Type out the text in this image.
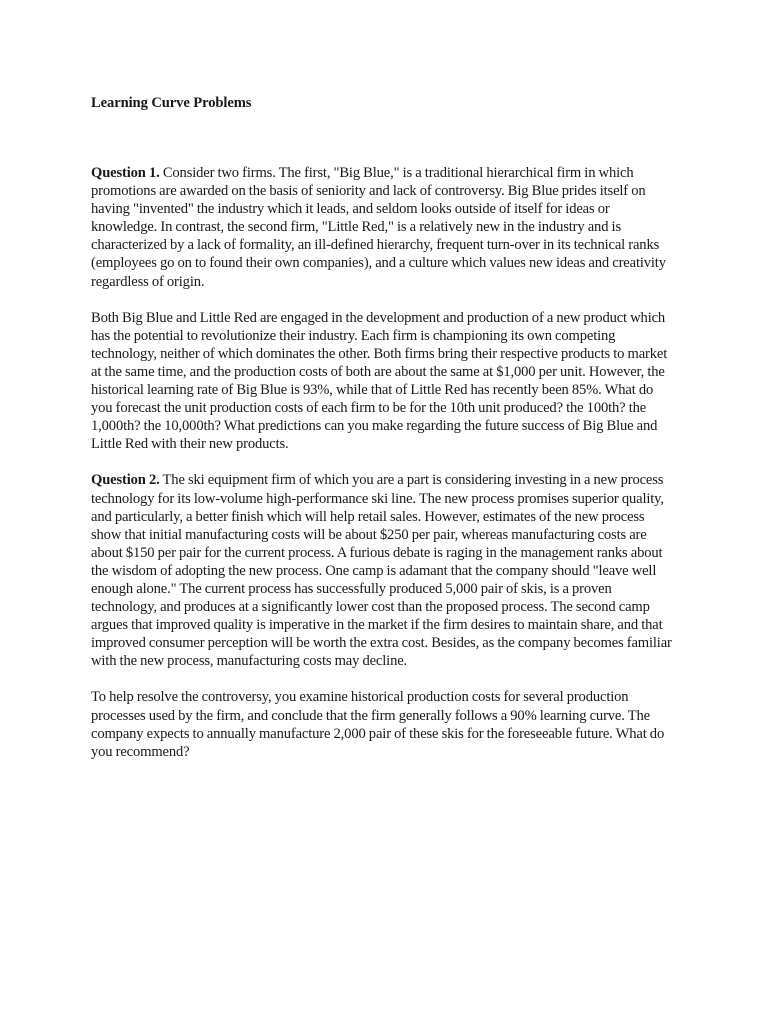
Learning Curve Problems

Question 1. Consider two firms. The first, "Big Blue," is a traditional hierarchical firm in which promotions are awarded on the basis of seniority and lack of controversy. Big Blue prides itself on having "invented" the industry which it leads, and seldom looks outside of itself for ideas or knowledge. In contrast, the second firm, "Little Red," is a relatively new in the industry and is characterized by a lack of formality, an ill-defined hierarchy, frequent turn-over in its technical ranks (employees go on to found their own companies), and a culture which values new ideas and creativity regardless of origin.

Both Big Blue and Little Red are engaged in the development and production of a new product which has the potential to revolutionize their industry. Each firm is championing its own competing technology, neither of which dominates the other. Both firms bring their respective products to market at the same time, and the production costs of both are about the same at $1,000 per unit. However, the historical learning rate of Big Blue is 93%, while that of Little Red has recently been 85%. What do you forecast the unit production costs of each firm to be for the 10th unit produced? the 100th? the 1,000th? the 10,000th? What predictions can you make regarding the future success of Big Blue and Little Red with their new products.

Question 2. The ski equipment firm of which you are a part is considering investing in a new process technology for its low-volume high-performance ski line. The new process promises superior quality, and particularly, a better finish which will help retail sales. However, estimates of the new process show that initial manufacturing costs will be about $250 per pair, whereas manufacturing costs are about $150 per pair for the current process. A furious debate is raging in the management ranks about the wisdom of adopting the new process. One camp is adamant that the company should "leave well enough alone." The current process has successfully produced 5,000 pair of skis, is a proven technology, and produces at a significantly lower cost than the proposed process. The second camp argues that improved quality is imperative in the market if the firm desires to maintain share, and that improved consumer perception will be worth the extra cost. Besides, as the company becomes familiar with the new process, manufacturing costs may decline.

To help resolve the controversy, you examine historical production costs for several production processes used by the firm, and conclude that the firm generally follows a 90% learning curve. The company expects to annually manufacture 2,000 pair of these skis for the foreseeable future. What do you recommend?
